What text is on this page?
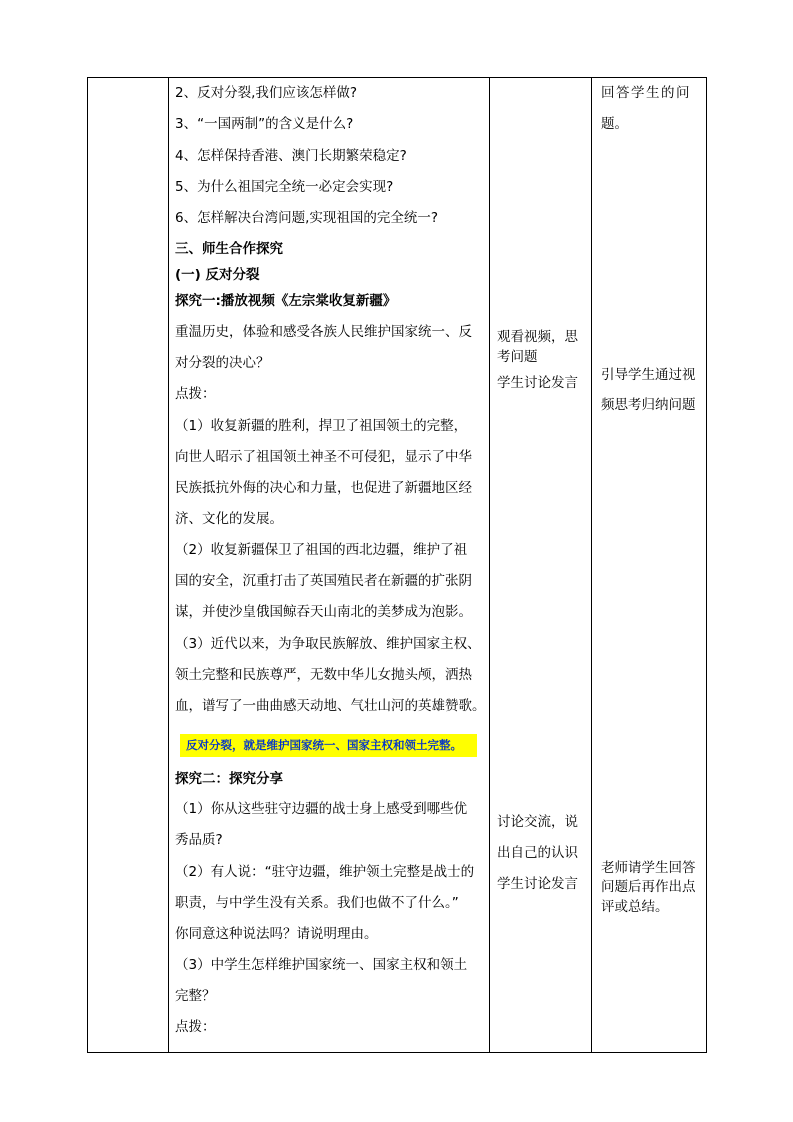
2、反对分裂,我们应该怎样做?
3、“一国两制”的含义是什么?
4、怎样保持香港、澳门长期繁荣稳定?
5、为什么祖国完全统一必定会实现?
6、怎样解决台湾问题,实现祖国的完全统一?
三、师生合作探究
(一) 反对分裂
探究一:播放视频《左宗棠收复新疆》
重温历史，体验和感受各族人民维护国家统一、反
对分裂的决心？
点拨：
（1）收复新疆的胜利，捍卫了祖国领土的完整，
向世人昭示了祖国领土神圣不可侵犯，显示了中华
民族抵抗外侮的决心和力量，也促进了新疆地区经
济、文化的发展。
（2）收复新疆保卫了祖国的西北边疆，维护了祖
国的安全，沉重打击了英国殖民者在新疆的扩张阴
谋，并使沙皇俄国鲸吞天山南北的美梦成为泡影。
（3）近代以来，为争取民族解放、维护国家主权、
领土完整和民族尊严，无数中华儿女抛头颅，洒热
血，谱写了一曲曲感天动地、气壮山河的英雄赞歌。
反对分裂，就是维护国家统一、国家主权和领土完整。
探究二：探究分享
（1）你从这些驻守边疆的战士身上感受到哪些优
秀品质?
（2）有人说：“驻守边疆，维护领土完整是战士的
职责，与中学生没有关系。我们也做不了什么。”
你同意这种说法吗？请说明理由。
（3）中学生怎样维护国家统一、国家主权和领土
完整？
点拨：
观看视频，思
考问题
学生讨论发言
讨论交流，说
出自己的认识
学生讨论发言
回答学生的问
题。
引导学生通过视
频思考归纳问题
老师请学生回答
问题后再作出点
评或总结。
